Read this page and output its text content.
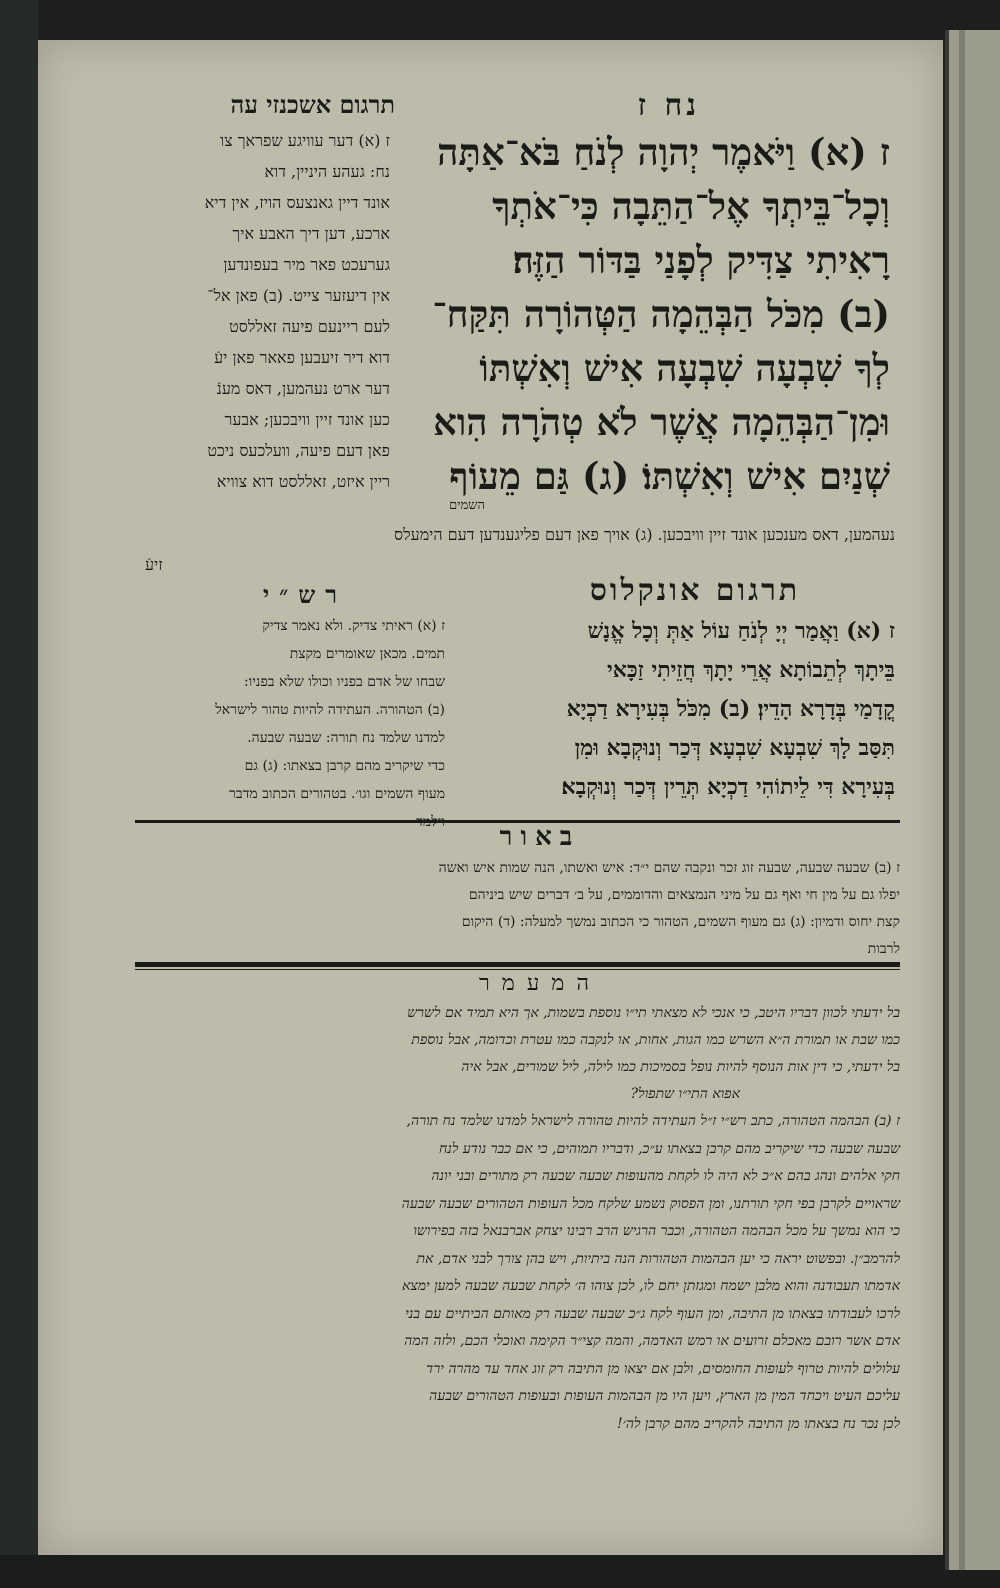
נח ז
תרגום אשכנזי עה

ז (א) וַיֹּאמֶר יְהוָה לְנֹחַ בֹּא־אַתָּה

וְכָל־בֵּיתְךָ אֶל־הַתֵּבָה כִּי־אֹתְךָ

רָאִיתִי צַדִּיק לְפָנַי בַּדּוֹר הַזֶּה׃

(ב) מִכֹּל הַבְּהֵמָה הַטְּהוֹרָה תִּקַּח־

לְךָ שִׁבְעָה שִׁבְעָה אִישׁ וְאִשְׁתּוֹ

וּמִן־הַבְּהֵמָה אֲשֶׁר לֹא טְהֹרָה הִוא

שְׁנַיִם אִישׁ וְאִשְׁתּוֹ׃ (ג) גַּם מֵעוֹף

השמים

ז (א) דער עוויגע שפראך צו

נח: געהע היניין, דוא

אונד דיין גאנצעס הויז, אין דיא

ארכע, דען דיך האבע איך

גערעכט פאר מיר בעפונדען

אין דיעזער צייט. (ב) פאן אל־

לעם ריינעם פיעה זאללסט

דוא דיר זיעבען פאאר פאן יעֿ

דער ארט נעהמען, דאס מענֿ

כען אונד זיין וויבכען; אבער

פאן דעם פיעה, וועלכעס ניכט

ריין איזט, זאללסט דוא צוויא

נעהמען, דאס מענכען אונד זיין וויבכען. (ג) אויך פאן דעם פליגענדען דעם הימעלס

זיעֿ

תרגום אונקלוס
רש״י

ז (א) וַאֲמַר יְיָ לְנֹחַ עוֹל אַתְּ וְכָל אֱנָשׁ

בֵּיתָךְ לְתֵבוֹתָא אֲרֵי יָתָךְ חֲזֵיתִי זַכָּאי

קֳדָמַי בְּדָרָא הָדֵין׃ (ב) מִכֹּל בְּעִירָא דַכְיָא

תִּסַּב לָךְ שִׁבְעָא שִׁבְעָא דְּכַר וְנוּקְבָא וּמִן

בְּעִירָא דִּי לֵיתוֹהִי דַכְיָא תְּרֵין דְּכַר וְנוּקְבָא׃

ז (א) ראיתי צדיק. ולא נאמר צדיק

תמים. מכאן שאומרים מקצת

שבחו של אדם בפניו וכולו שלא בפניו:

(ב) הטהורה. העתידה להיות טהור לישראל

למדנו שלמד נח תורה: שבעה שבעה.

כדי שיקריב מהם קרבן בצאתו: (ג) גם

מעוף השמים וגו׳. בטהורים הכתוב מדבר

באור

ז (ב) שבעה שבעה, שבעה זוג זכר ונקבה שהם י״ד: איש ואשתו, הנה שמות איש ואשה

יפלו גם על מין חי ואף גם על מיני הנמצאים והדוממים, על ב׳ דברים שיש ביניהם

קצת יחוס ודמיון: (ג) גם מעוף השמים, הטהור כי הכתוב נמשך למעלה: (ד) היקום

לרבות

המעמר

בל ידעתי לכוון דבריו היטב, כי אנכי לא מצאתי תי״ו נוספת בשמות, אך היא תמיד אם לשרש

כמו שבת או תמורת ה״א השרש כמו הגות, אחות, או לנקבה כמו עטרת וכדומה, אבל נוספת

בל ידעתי, כי דין אות הנוסף להיות נופל בסמיכות כמו לילה, ליל שמורים, אבל איה

אפוא התי״ו שתפול?

ז (ב) הבהמה הטהורה, כתב רש״י ז״ל העתידה להיות טהורה לישראל למדנו שלמד נח תורה,

שבעה שבעה כדי שיקריב מהם קרבן בצאתו ע״כ, ודבריו תמוהים, כי אם כבר נודע לנח

חקי אלהים ונהג בהם א״כ לא היה לו לקחת מהעופות שבעה שבעה רק מתורים ובני יונה

שראויים לקרבן בפי חקי תורתנו, ומן הפסוק נשמע שלקח מכל העופות הטהורים שבעה שבעה

כי הוא נמשך על מכל הבהמה הטהורה, וכבר הרגיש הרב רבינו יצחק אברבנאל בזה בפירושו

להרמב״ן. ובפשוט יראה כי יען הבהמות הטהורות הנה ביתיות, ויש בהן צורך לבני אדם, את

אדמתו תעבודנה והוא מלבן ישמח ומגזתן יחם לו, לכן צוהו ה׳ לקחת שבעה שבעה למען ימצא

לרכו לעבודתו בצאתו מן התיבה, ומן העוף לקח ג״כ שבעה שבעה רק מאותם הביתיים עם בני

אדם אשר רובם מאכלם זרועים או רמש האדמה, והמה קצי״ר הקימה ואוכלי הכם, ולזה המה

עלולים להיות טרוף לעופות החומסים, ולבן אם יצאו מן התיבה רק זוג אחד עד מהרה ירד

עליכם העיט ויכחד המין מן הארץ, ויען היו מן הבהמות העופות ובעופות הטהורים שבעה

לכן נכר נח בצאתו מן התיבה להקריב מהם קרבן לה׳!
